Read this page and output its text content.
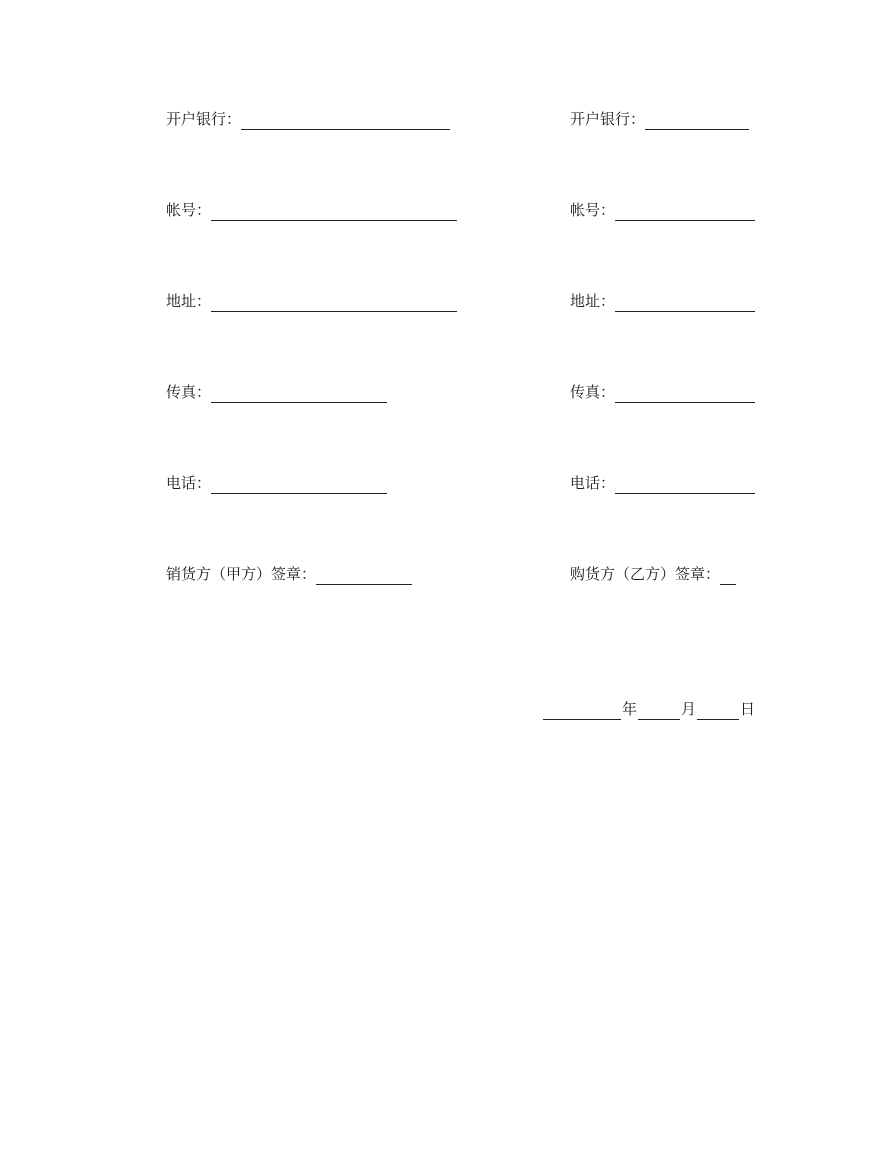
开户银行：
帐号：
地址：
传真：
电话：
销货方（甲方）签章：
开户银行：
帐号：
地址：
传真：
电话：
购货方（乙方）签章：
年	月	日
